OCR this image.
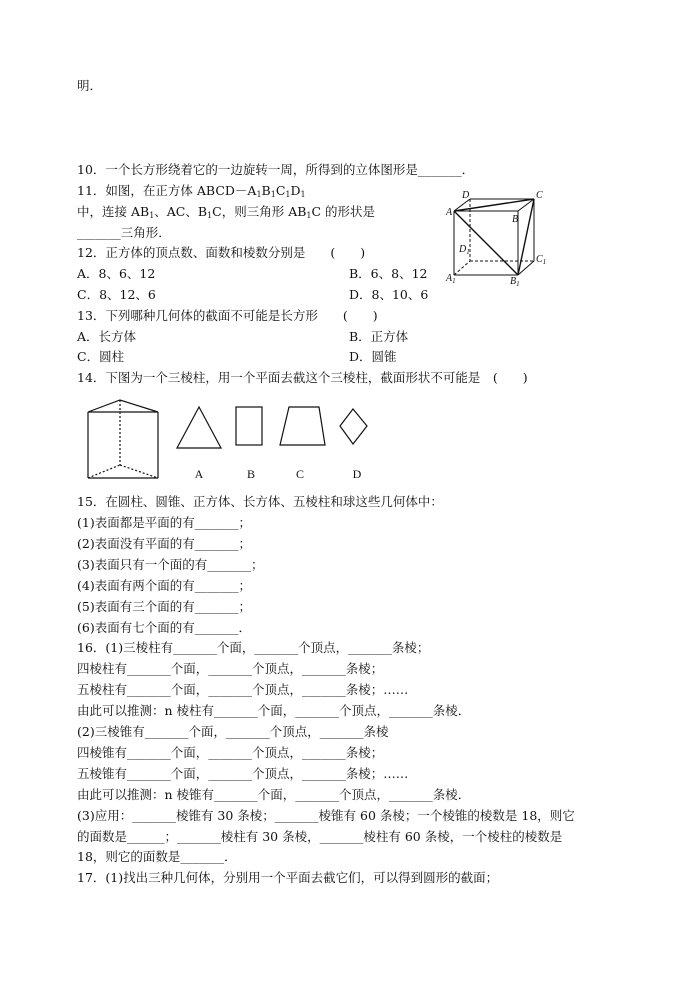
明．
10．一个长方形绕着它的一边旋转一周，所得到的立体图形是_______．
11．如图，在正方体 $ABCD-A_1B_1C_1D_1$
中，连接 $AB_1$、AC、$B_1C$，则三角形 $AB_1C$ 的形状是
_______三角形．
D	C
A
B
$D_1$
$C_1$
$A_1$	$B_1$
12．正方体的顶点数、面数和棱数分别是　　(　　)
A．8、6、12	B．6、8、12
C．8、12、6	D．8、10、6
13．下列哪种几何体的截面不可能是长方形　　(　　)
A．长方体	B．正方体
C．圆柱	D．圆锥
14．下图为一个三棱柱，用一个平面去截这个三棱柱，截面形状不可能是　(　　)
A	B	C	D
15．在圆柱、圆锥、正方体、长方体、五棱柱和球这些几何体中：
(1)表面都是平面的有_______；
(2)表面没有平面的有_______；
(3)表面只有一个面的有_______；
(4)表面有两个面的有_______；
(5)表面有三个面的有_______；
(6)表面有七个面的有_______．
16．(1)三棱柱有_______个面，_______个顶点，_______条棱；
四棱柱有_______个面，_______个顶点，_______条棱；
五棱柱有_______个面，_______个顶点，_______条棱；……
由此可以推测：n 棱柱有_______个面，_______个顶点，_______条棱．
(2)三棱锥有_______个面，_______个顶点，_______条棱
四棱锥有_______个面，_______个顶点，_______条棱；
五棱锥有_______个面，_______个顶点，_______条棱；……
由此可以推测：n 棱锥有_______个面，_______个顶点，_______条棱．
(3)应用：_______棱锥有 30 条棱；_______棱锥有 60 条棱；一个棱锥的棱数是 18，则它
的面数是______；_______棱柱有 30 条棱，_______棱柱有 60 条棱，一个棱柱的棱数是
18，则它的面数是_______．
17．(1)找出三种几何体，分别用一个平面去截它们，可以得到圆形的截面；
